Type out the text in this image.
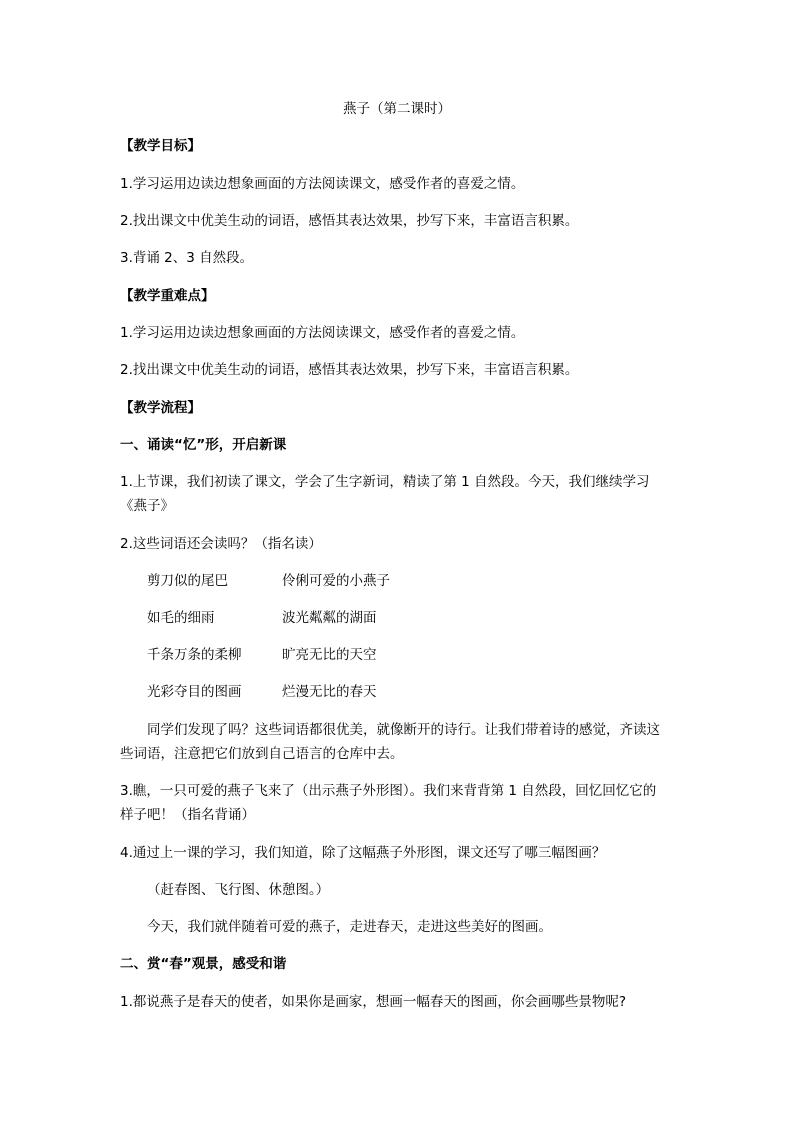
燕子（第二课时）
【教学目标】
1.学习运用边读边想象画面的方法阅读课文，感受作者的喜爱之情。
2.找出课文中优美生动的词语，感悟其表达效果，抄写下来，丰富语言积累。
3.背诵 2、3 自然段。
【教学重难点】
1.学习运用边读边想象画面的方法阅读课文，感受作者的喜爱之情。
2.找出课文中优美生动的词语，感悟其表达效果，抄写下来，丰富语言积累。
【教学流程】
一、诵读“忆”形，开启新课
1.上节课，我们初读了课文，学会了生字新词，精读了第 1 自然段。今天，我们继续学习
《燕子》
2.这些词语还会读吗？（指名读）
剪刀似的尾巴	伶俐可爱的小燕子
如毛的细雨	波光粼粼的湖面
千条万条的柔柳	旷亮无比的天空
光彩夺目的图画	烂漫无比的春天
同学们发现了吗？这些词语都很优美，就像断开的诗行。让我们带着诗的感觉，齐读这
些词语，注意把它们放到自己语言的仓库中去。
3.瞧，一只可爱的燕子飞来了（出示燕子外形图）。我们来背背第 1 自然段，回忆回忆它的
样子吧！（指名背诵）
4.通过上一课的学习，我们知道，除了这幅燕子外形图，课文还写了哪三幅图画？
（赶春图、飞行图、休憩图。）
今天，我们就伴随着可爱的燕子，走进春天，走进这些美好的图画。
二、赏“春”观景，感受和谐
1.都说燕子是春天的使者，如果你是画家，想画一幅春天的图画，你会画哪些景物呢?
